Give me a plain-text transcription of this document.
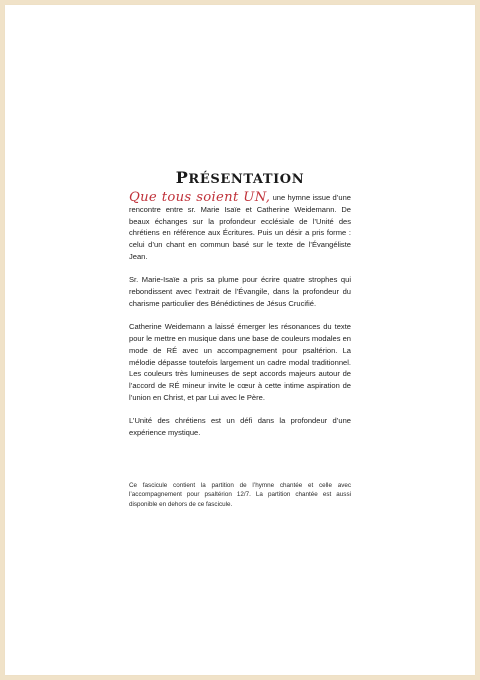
PRÉSENTATION

Que tous soient UN, une hymne issue d’une rencontre entre sr. Marie Isaïe et Catherine Weidemann. De beaux échanges sur la profondeur ecclésiale de l’Unité des chrétiens en référence aux Écritures. Puis un désir a pris forme : celui d’un chant en commun basé sur le texte de l’Évangéliste Jean.

Sr. Marie-Isaïe a pris sa plume pour écrire quatre strophes qui rebondissent avec l’extrait de l’Évangile, dans la profondeur du charisme particulier des Bénédictines de Jésus Crucifié.

Catherine Weidemann a laissé émerger les résonances du texte pour le mettre en musique dans une base de couleurs modales en mode de RÉ avec un accompagnement pour psaltérion. La mélodie dépasse toutefois largement un cadre modal traditionnel. Les couleurs très lumineuses de sept accords majeurs autour de l’accord de RÉ mineur invite le cœur à cette intime aspiration de l’union en Christ, et par Lui avec le Père.

L’Unité des chrétiens est un défi dans la profondeur d’une expérience mystique.

Ce fascicule contient la partition de l’hymne chantée et celle avec l’accompagnement pour psaltérion 12/7. La partition chantée est aussi disponible en dehors de ce fascicule.
